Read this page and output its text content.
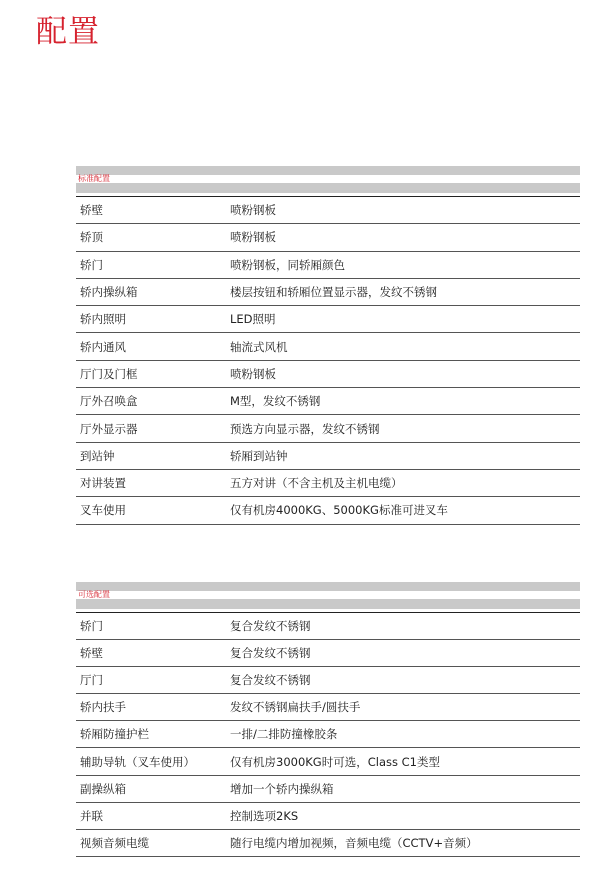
配置
标准配置
轿壁	喷粉钢板
轿顶	喷粉钢板
轿门	喷粉钢板，同轿厢颜色
轿内操纵箱	楼层按钮和轿厢位置显示器，发纹不锈钢
轿内照明	LED照明
轿内通风	轴流式风机
厅门及门框	喷粉钢板
厅外召唤盒	M型，发纹不锈钢
厅外显示器	预选方向显示器，发纹不锈钢
到站钟	轿厢到站钟
对讲装置	五方对讲（不含主机及主机电缆）
叉车使用	仅有机房4000KG、5000KG标准可进叉车
可选配置
轿门	复合发纹不锈钢
轿壁	复合发纹不锈钢
厅门	复合发纹不锈钢
轿内扶手	发纹不锈钢扁扶手/圆扶手
轿厢防撞护栏	一排/二排防撞橡胶条
辅助导轨（叉车使用）	仅有机房3000KG时可选，Class C1类型
副操纵箱	增加一个轿内操纵箱
并联	控制选项2KS
视频音频电缆	随行电缆内增加视频，音频电缆（CCTV+音频）
